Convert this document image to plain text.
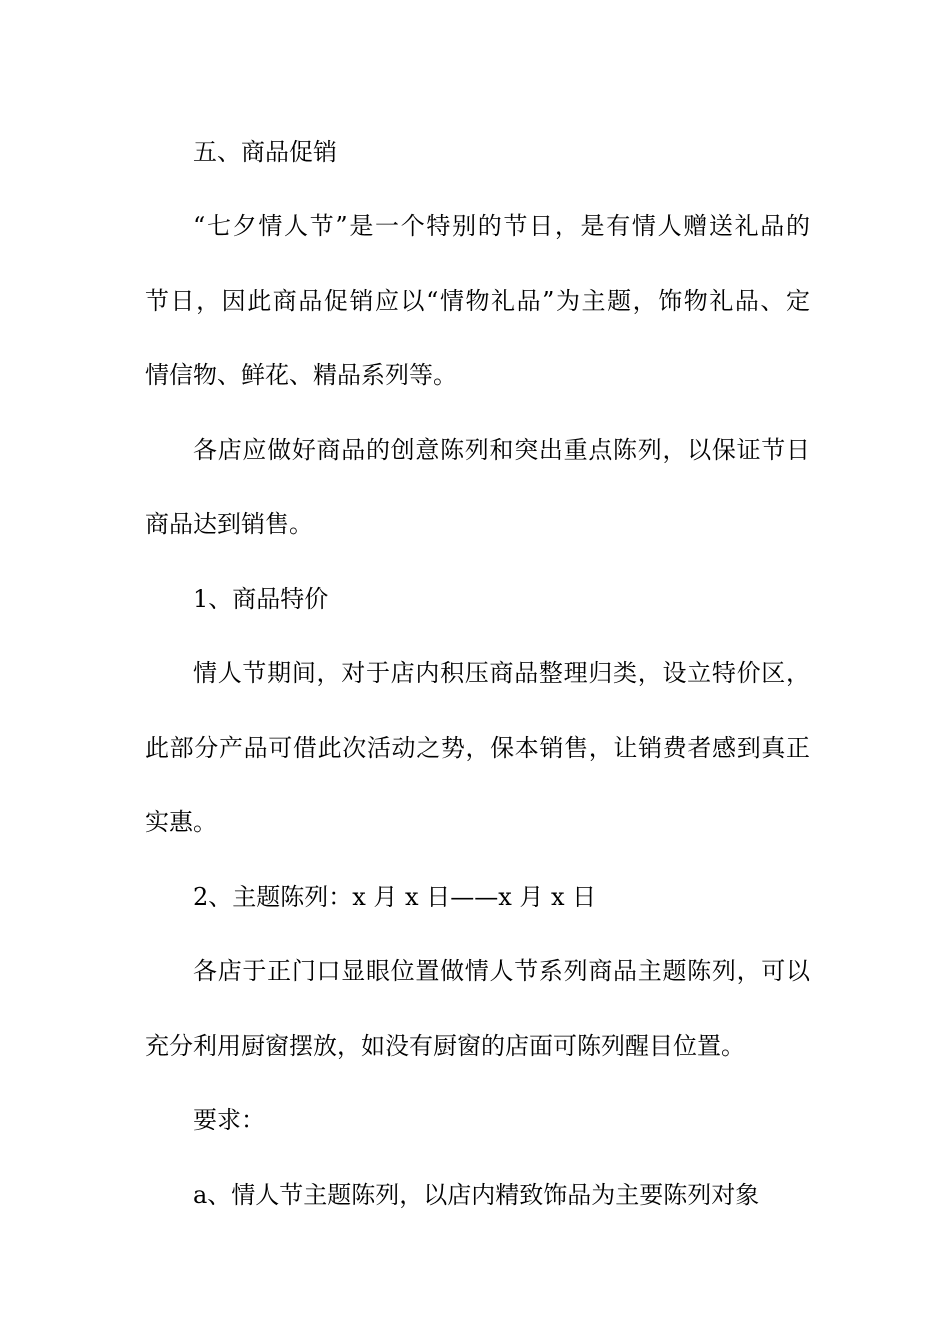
五、商品促销
“七夕情人节”是一个特别的节日，是有情人赠送礼品的
节日，因此商品促销应以“情物礼品”为主题，饰物礼品、定
情信物、鲜花、精品系列等。
各店应做好商品的创意陈列和突出重点陈列，以保证节日
商品达到销售。
1、商品特价
情人节期间，对于店内积压商品整理归类，设立特价区，
此部分产品可借此次活动之势，保本销售，让销费者感到真正
实惠。
2、主题陈列：x 月 x 日——x 月 x 日
各店于正门口显眼位置做情人节系列商品主题陈列，可以
充分利用厨窗摆放，如没有厨窗的店面可陈列醒目位置。
要求：
a、情人节主题陈列，以店内精致饰品为主要陈列对象
